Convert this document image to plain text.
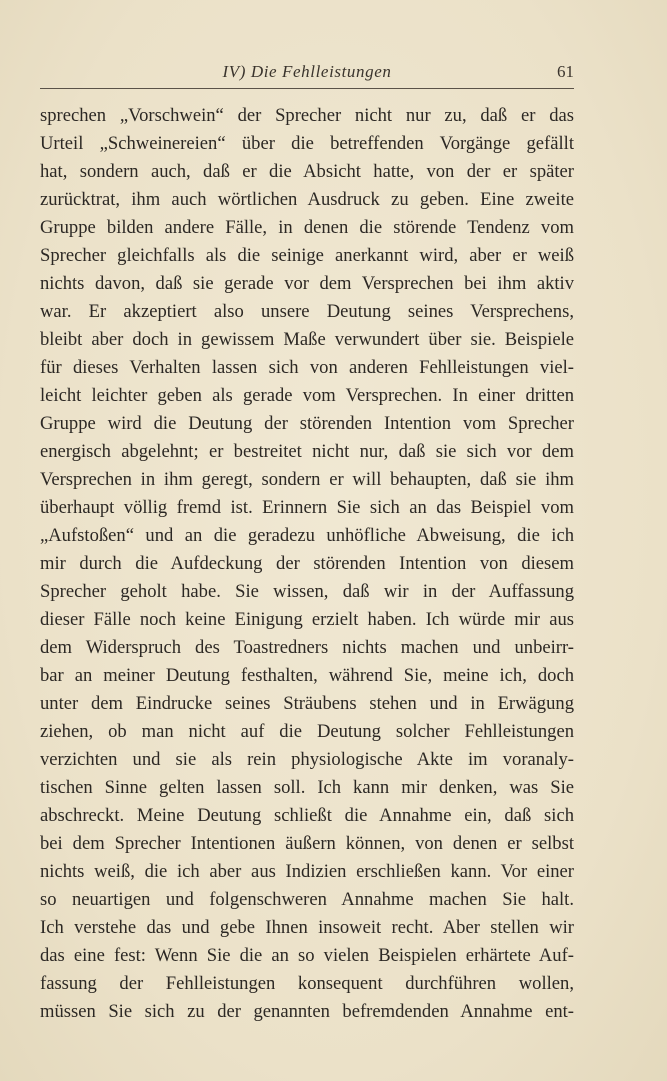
IV) Die Fehlleistungen	61
sprechen „Vorschwein“ der Sprecher nicht nur zu, daß er das
Urteil „Schweinereien“ über die betreffenden Vorgänge gefällt
hat, sondern auch, daß er die Absicht hatte, von der er später
zurücktrat, ihm auch wörtlichen Ausdruck zu geben. Eine zweite
Gruppe bilden andere Fälle, in denen die störende Tendenz vom
Sprecher gleichfalls als die seinige anerkannt wird, aber er weiß
nichts davon, daß sie gerade vor dem Versprechen bei ihm aktiv
war. Er akzeptiert also unsere Deutung seines Versprechens,
bleibt aber doch in gewissem Maße verwundert über sie. Beispiele
für dieses Verhalten lassen sich von anderen Fehlleistungen viel-
leicht leichter geben als gerade vom Versprechen. In einer dritten
Gruppe wird die Deutung der störenden Intention vom Sprecher
energisch abgelehnt; er bestreitet nicht nur, daß sie sich vor dem
Versprechen in ihm geregt, sondern er will behaupten, daß sie ihm
überhaupt völlig fremd ist. Erinnern Sie sich an das Beispiel vom
„Aufstoßen“ und an die geradezu unhöfliche Abweisung, die ich
mir durch die Aufdeckung der störenden Intention von diesem
Sprecher geholt habe. Sie wissen, daß wir in der Auffassung
dieser Fälle noch keine Einigung erzielt haben. Ich würde mir aus
dem Widerspruch des Toastredners nichts machen und unbeirr-
bar an meiner Deutung festhalten, während Sie, meine ich, doch
unter dem Eindrucke seines Sträubens stehen und in Erwägung
ziehen, ob man nicht auf die Deutung solcher Fehlleistungen
verzichten und sie als rein physiologische Akte im voranaly-
tischen Sinne gelten lassen soll. Ich kann mir denken, was Sie
abschreckt. Meine Deutung schließt die Annahme ein, daß sich
bei dem Sprecher Intentionen äußern können, von denen er selbst
nichts weiß, die ich aber aus Indizien erschließen kann. Vor einer
so neuartigen und folgenschweren Annahme machen Sie halt.
Ich verstehe das und gebe Ihnen insoweit recht. Aber stellen wir
das eine fest: Wenn Sie die an so vielen Beispielen erhärtete Auf-
fassung der Fehlleistungen konsequent durchführen wollen,
müssen Sie sich zu der genannten befremdenden Annahme ent-
